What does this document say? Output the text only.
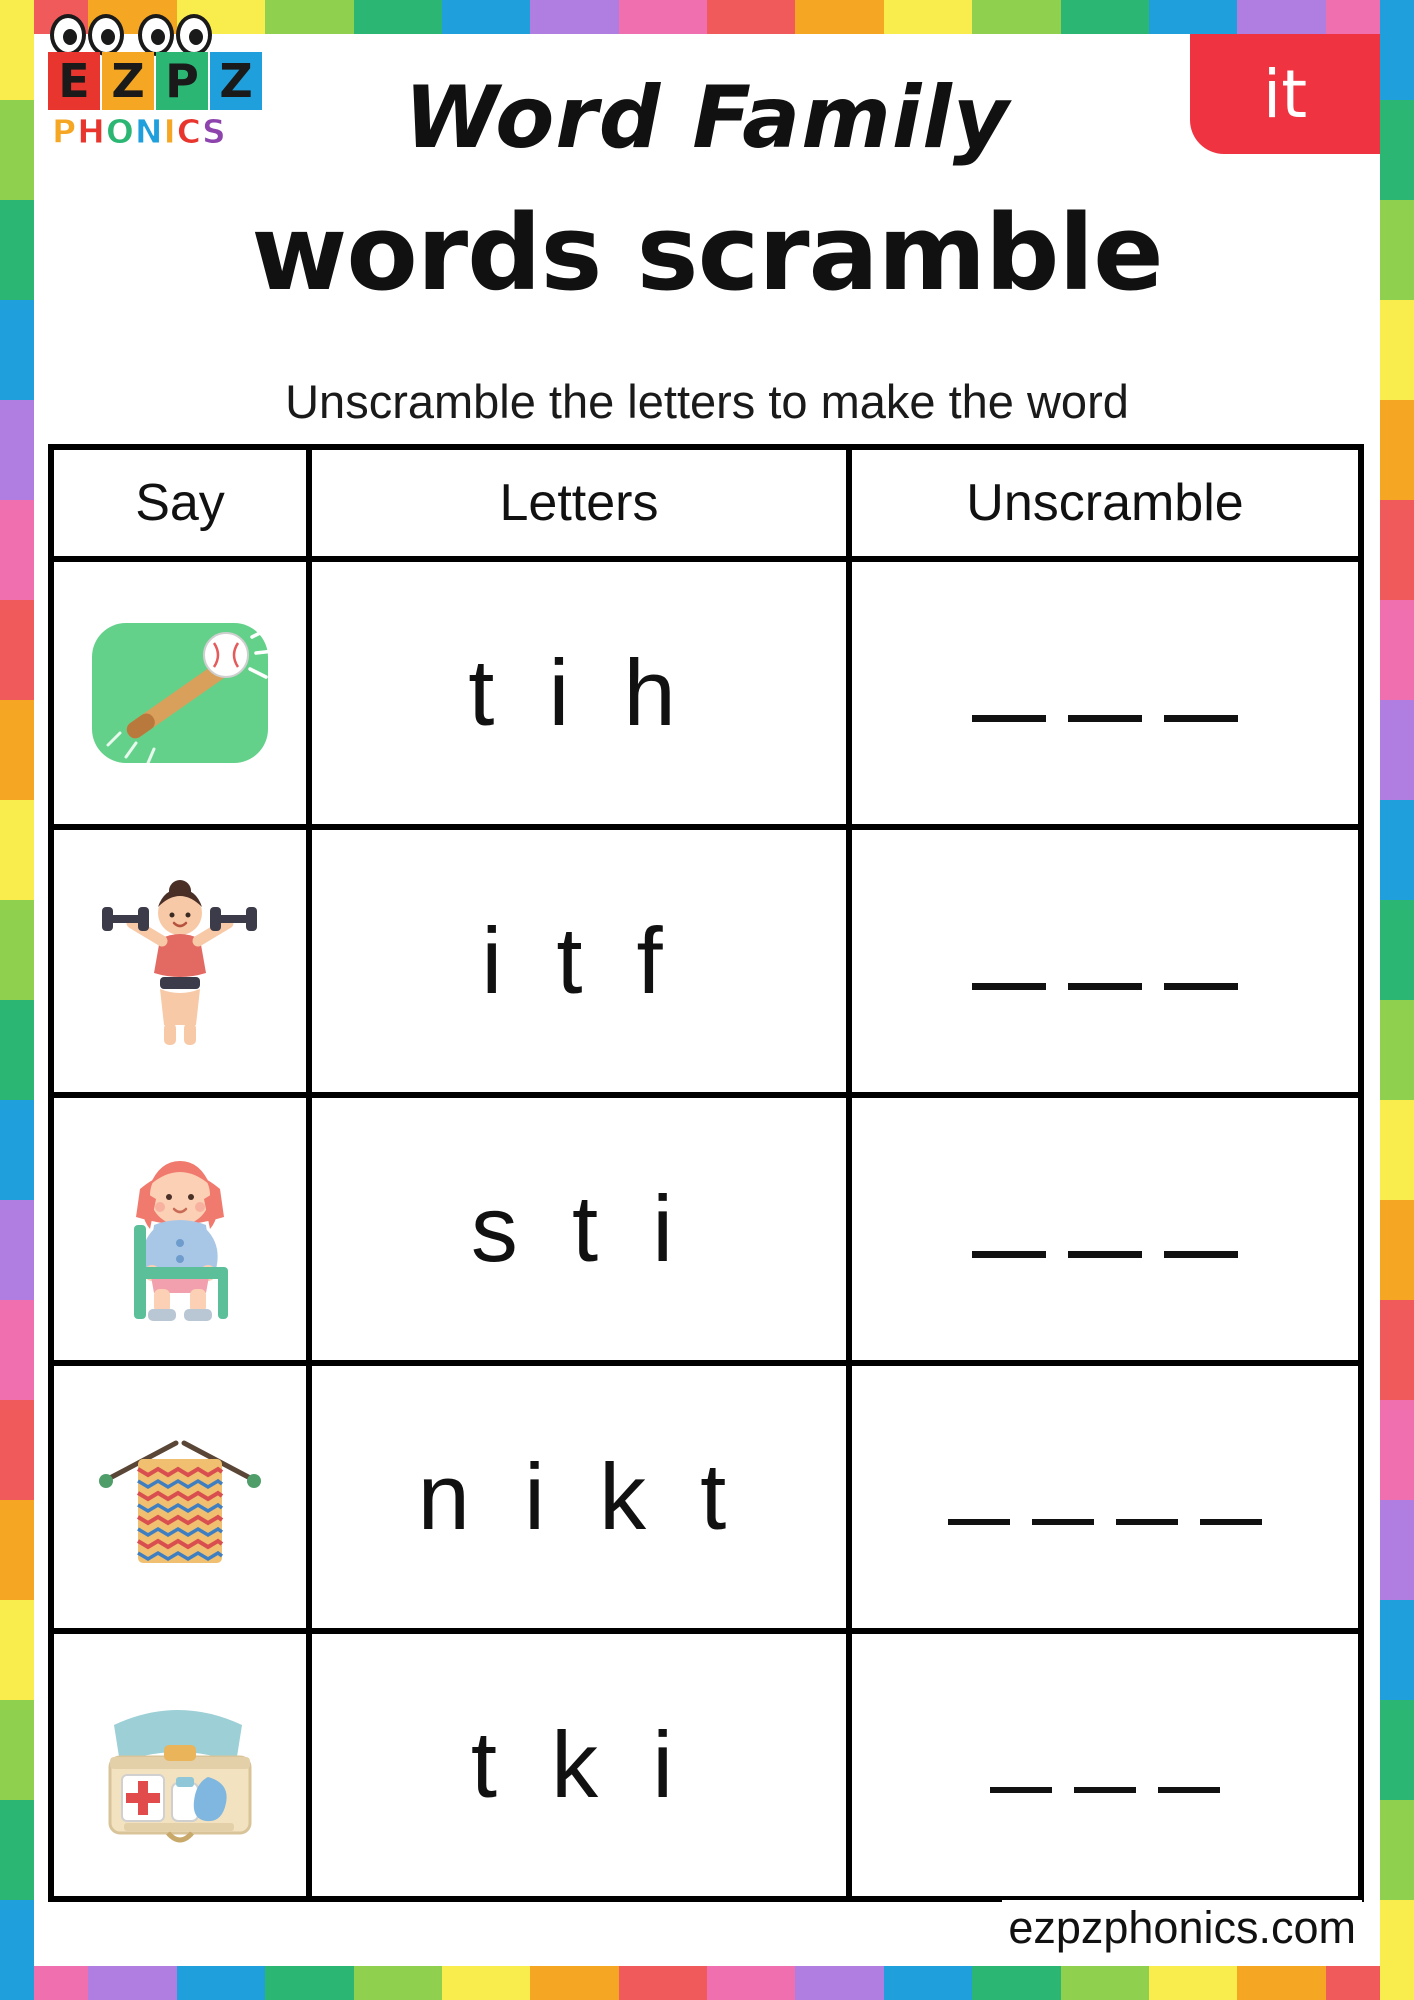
E Z P Z
P H O N I C S	it
Word Family
words scramble
Unscramble the letters to make the word
Say	Letters	Unscramble
t i h
i t f
s t i
n i k t
t k i
ezpzphonics.com
